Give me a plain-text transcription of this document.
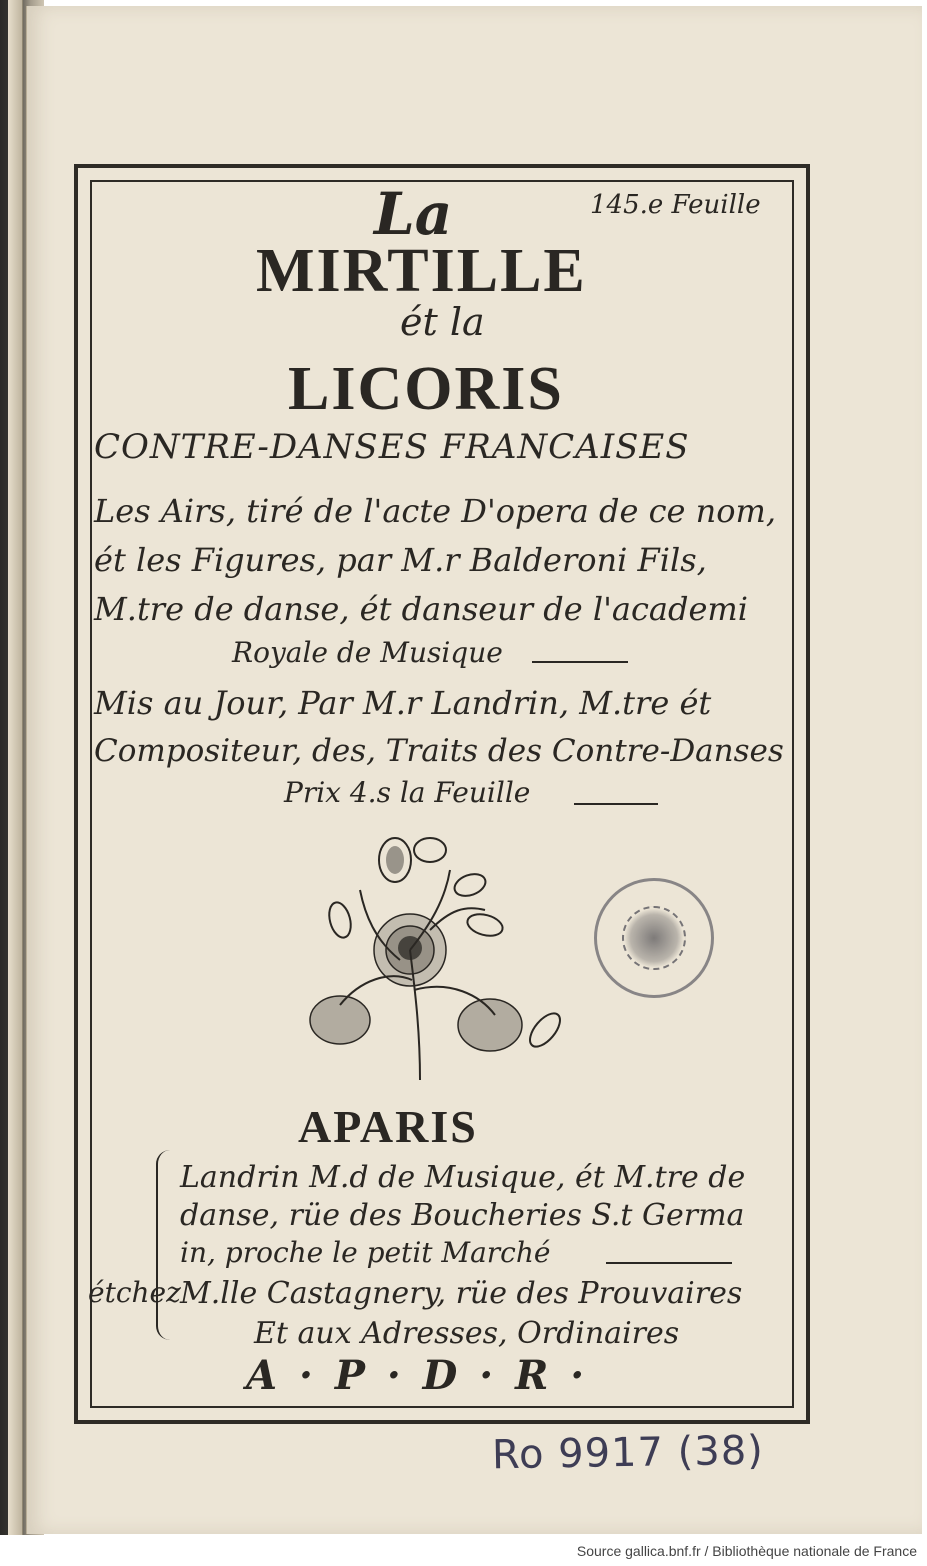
145.e Feuille
La
MIRTILLE
ét la
LICORIS
CONTRE-DANSES FRANCAISES
Les Airs, tiré de l'acte D'opera de ce nom,
ét les Figures, par M.r Balderoni Fils,
M.tre de danse, ét danseur de l'academi
Royale de Musique
Mis au Jour, Par M.r Landrin, M.tre ét
Compositeur, des, Traits des Contre-Danses
Prix 4.s la Feuille
APARIS
Landrin M.d de Musique, ét M.tre de
danse, rüe des Boucheries S.t Germa
in, proche le petit Marché
étchez M.lle Castagnery, rüe des Prouvaires
Et aux Adresses, Ordinaires
A · P · D · R ·
Ro 9917 (38)
Source gallica.bnf.fr / Bibliothèque nationale de France
